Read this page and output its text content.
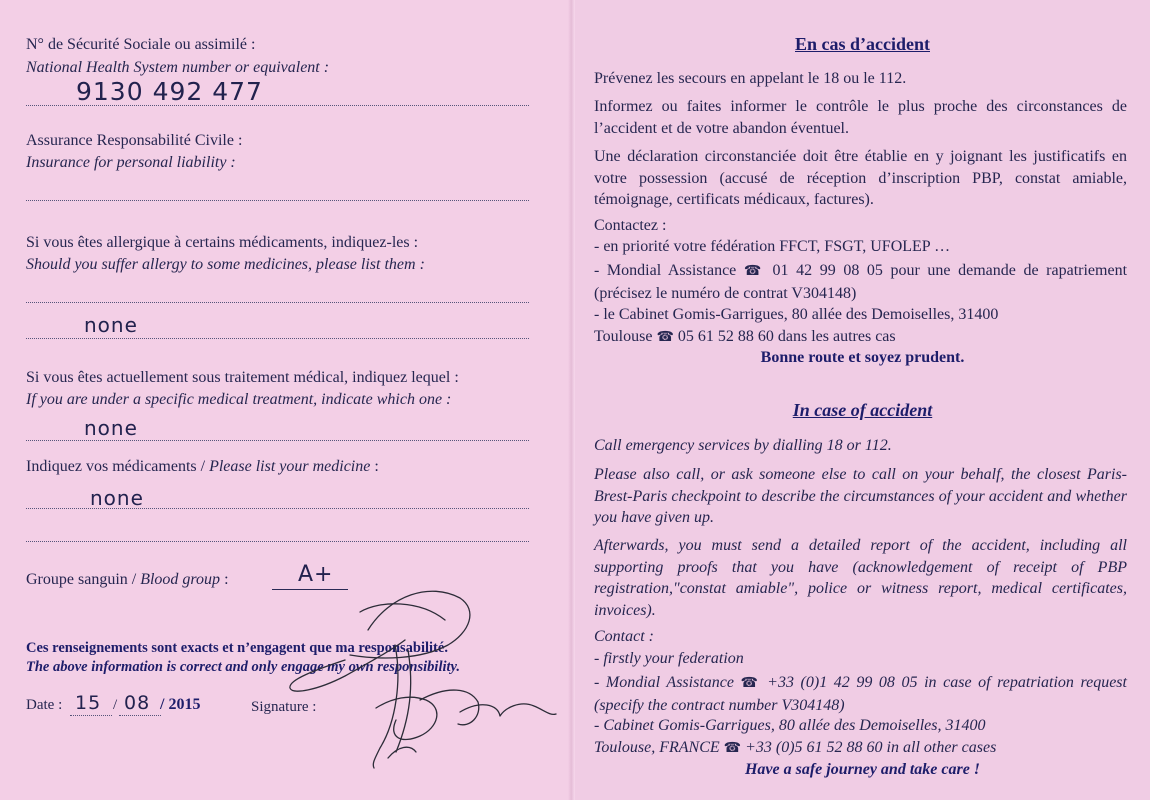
N° de Sécurité Sociale ou assimilé :
National Health System number or equivalent :
9130 492 477
Assurance Responsabilité Civile :
Insurance for personal liability :
Si vous êtes allergique à certains médicaments, indiquez-les :
Should you suffer allergy to some medicines, please list them :
none
Si vous êtes actuellement sous traitement médical, indiquez lequel :
If you are under a specific medical treatment, indicate which one :
none
Indiquez vos médicaments / Please list your medicine :
none
Groupe sanguin / Blood group :	A+
Ces renseignements sont exacts et n’engagent que ma responsabilité.
The above information is correct and only engage my own responsibility.
Date : 15 / 08 / 2015	Signature :
En cas d’accident
Prévenez les secours en appelant le 18 ou le 112.
Informez ou faites informer le contrôle le plus proche des circonstances de l’accident et de votre abandon éventuel.
Une déclaration circonstanciée doit être établie en y joignant les justificatifs en votre possession (accusé de réception d’inscription PBP, constat amiable, témoignage, certificats médicaux, factures).
Contactez :
- en priorité votre fédération FFCT, FSGT, UFOLEP …
- Mondial Assistance ☎ 01 42 99 08 05 pour une demande de rapatriement (précisez le numéro de contrat V304148)
- le Cabinet Gomis-Garrigues, 80 allée des Demoiselles, 31400
Toulouse ☎ 05 61 52 88 60 dans les autres cas
Bonne route et soyez prudent.
In case of accident
Call emergency services by dialling 18 or 112.
Please also call, or ask someone else to call on your behalf, the closest Paris-Brest-Paris checkpoint to describe the circumstances of your accident and whether you have given up.
Afterwards, you must send a detailed report of the accident, including all supporting proofs that you have (acknowledgement of receipt of PBP registration,"constat amiable", police or witness report, medical certificates, invoices).
Contact :
- firstly your federation
- Mondial Assistance ☎ +33 (0)1 42 99 08 05 in case of repatriation request (specify the contract number V304148)
- Cabinet Gomis-Garrigues, 80 allée des Demoiselles, 31400
Toulouse, FRANCE ☎ +33 (0)5 61 52 88 60 in all other cases
Have a safe journey and take care !
